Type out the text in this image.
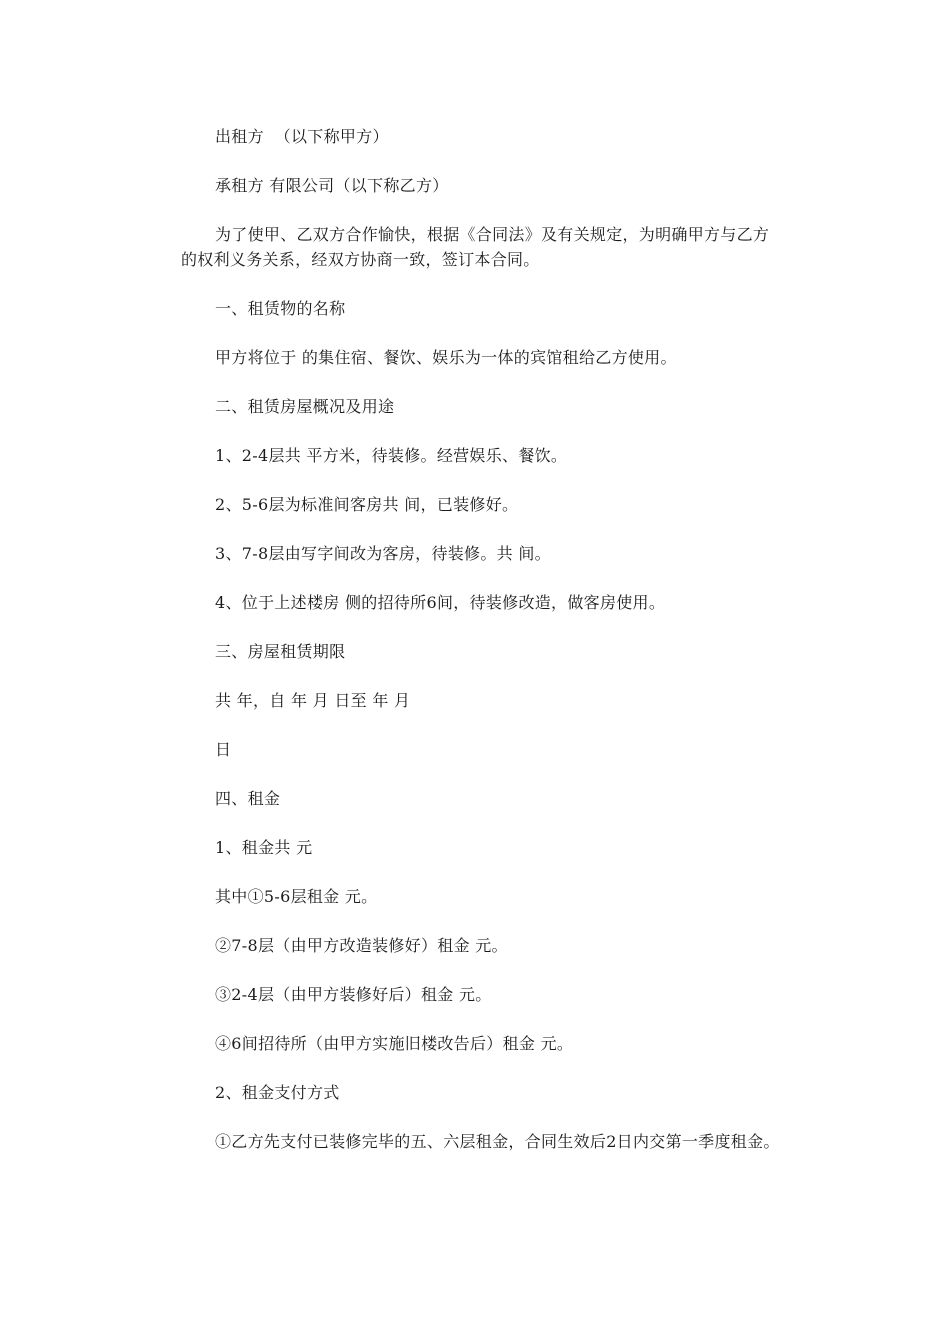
出租方  （以下称甲方）

承租方 有限公司（以下称乙方）

为了使甲、乙双方合作愉快，根据《合同法》及有关规定，为明确甲方与乙方的权利义务关系，经双方协商一致，签订本合同。

一、租赁物的名称

甲方将位于 的集住宿、餐饮、娱乐为一体的宾馆租给乙方使用。

二、租赁房屋概况及用途

1、2-4层共 平方米，待装修。经营娱乐、餐饮。

2、5-6层为标准间客房共 间，已装修好。

3、7-8层由写字间改为客房，待装修。共 间。

4、位于上述楼房 侧的招待所6间，待装修改造，做客房使用。

三、房屋租赁期限

共 年，自 年 月 日至 年 月

日

四、租金

1、租金共 元

其中①5-6层租金 元。

②7-8层（由甲方改造装修好）租金 元。

③2-4层（由甲方装修好后）租金 元。

④6间招待所（由甲方实施旧楼改告后）租金 元。

2、租金支付方式

①乙方先支付已装修完毕的五、六层租金，合同生效后2日内交第一季度租金。
